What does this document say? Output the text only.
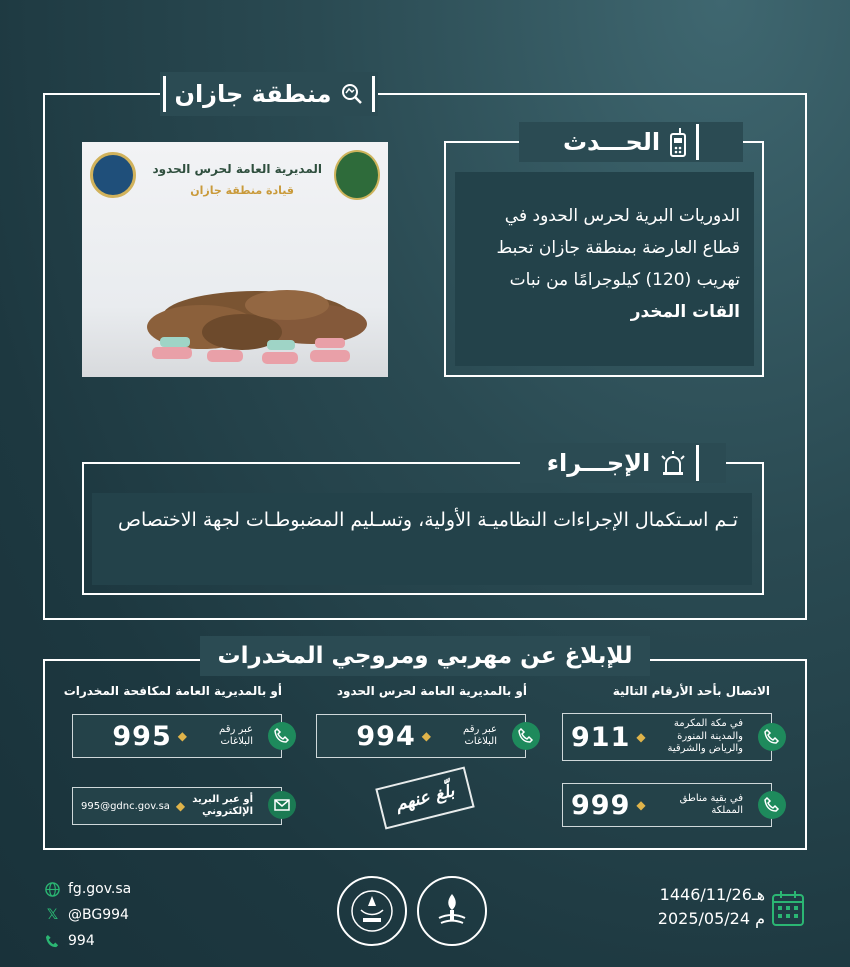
منطقة جازان
المديرية العامة لحرس الحدود
قيادة منطقة جازان
الحـــدث
الدوريات البرية لحرس الحدود في قطاع العارضة بمنطقة جازان تحبط تهريب (120) كيلوجرامًا من نبات
القات المخدر
الإجـــراء
تـم اسـتكمال الإجراءات النظاميـة الأولية، وتسـليم المضبوطـات لجهة الاختصاص
للإبلاغ عن مهربي ومروجي المخدرات
الاتصال بأحد الأرقام التالية
أو بالمديرية العامة لحرس الحدود
أو بالمديرية العامة لمكافحة المخدرات
في مكة المكرمة والمدينة المنورة والرياض والشرقية
◆
911
في بقية مناطق المملكة
◆
999
عبر رقم البلاغات
◆
994
عبر رقم البلاغات
◆
995
أو عبر البريد الإلكتروني
◆
995@gdnc.gov.sa	بلّغ عنهم
fg.gov.sa
𝕏 @BG994
994
1446/11/26هـ
2025/05/24 م
